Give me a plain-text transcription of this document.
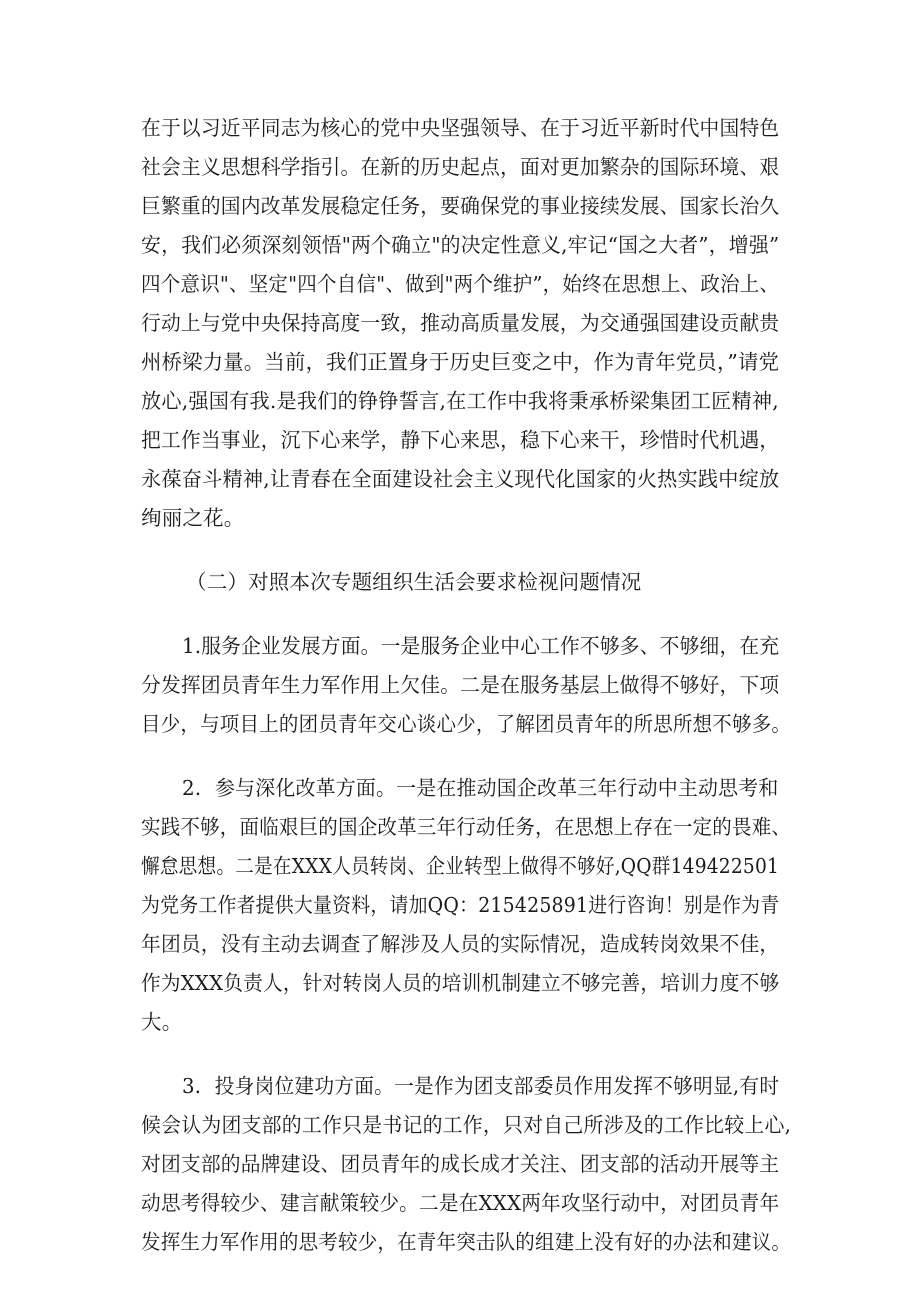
在于以习近平同志为核心的党中央坚强领导、在于习近平新时代中国特色
社会主义思想科学指引。在新的历史起点，面对更加繁杂的国际环境、艰
巨繁重的国内改革发展稳定任务，要确保党的事业接续发展、国家长治久
安，我们必须深刻领悟"两个确立"的决定性意义,牢记“国之大者”，增强”
四个意识"、坚定"四个自信"、做到"两个维护”，始终在思想上、政治上、
行动上与党中央保持高度一致，推动高质量发展，为交通强国建设贡献贵
州桥梁力量。当前，我们正置身于历史巨变之中，作为青年党员，”请党
放心,强国有我.是我们的铮铮誓言,在工作中我将秉承桥梁集团工匠精神,
把工作当事业，沉下心来学，静下心来思，稳下心来干，珍惜时代机遇，
永葆奋斗精神,让青春在全面建设社会主义现代化国家的火热实践中绽放
绚丽之花。
（二）对照本次专题组织生活会要求检视问题情况
1.服务企业发展方面。一是服务企业中心工作不够多、不够细，在充
分发挥团员青年生力军作用上欠佳。二是在服务基层上做得不够好，下项
目少，与项目上的团员青年交心谈心少，了解团员青年的所思所想不够多。
2．参与深化改革方面。一是在推动国企改革三年行动中主动思考和
实践不够，面临艰巨的国企改革三年行动任务，在思想上存在一定的畏难、
懈怠思想。二是在XXX人员转岗、企业转型上做得不够好,QQ群149422501
为党务工作者提供大量资料，请加QQ：215425891进行咨询！别是作为青
年团员，没有主动去调查了解涉及人员的实际情况，造成转岗效果不佳，
作为XXX负责人，针对转岗人员的培训机制建立不够完善，培训力度不够
大。
3．投身岗位建功方面。一是作为团支部委员作用发挥不够明显,有时
候会认为团支部的工作只是书记的工作，只对自己所涉及的工作比较上心,
对团支部的品牌建设、团员青年的成长成才关注、团支部的活动开展等主
动思考得较少、建言献策较少。二是在XXX两年攻坚行动中，对团员青年
发挥生力军作用的思考较少，在青年突击队的组建上没有好的办法和建议。
